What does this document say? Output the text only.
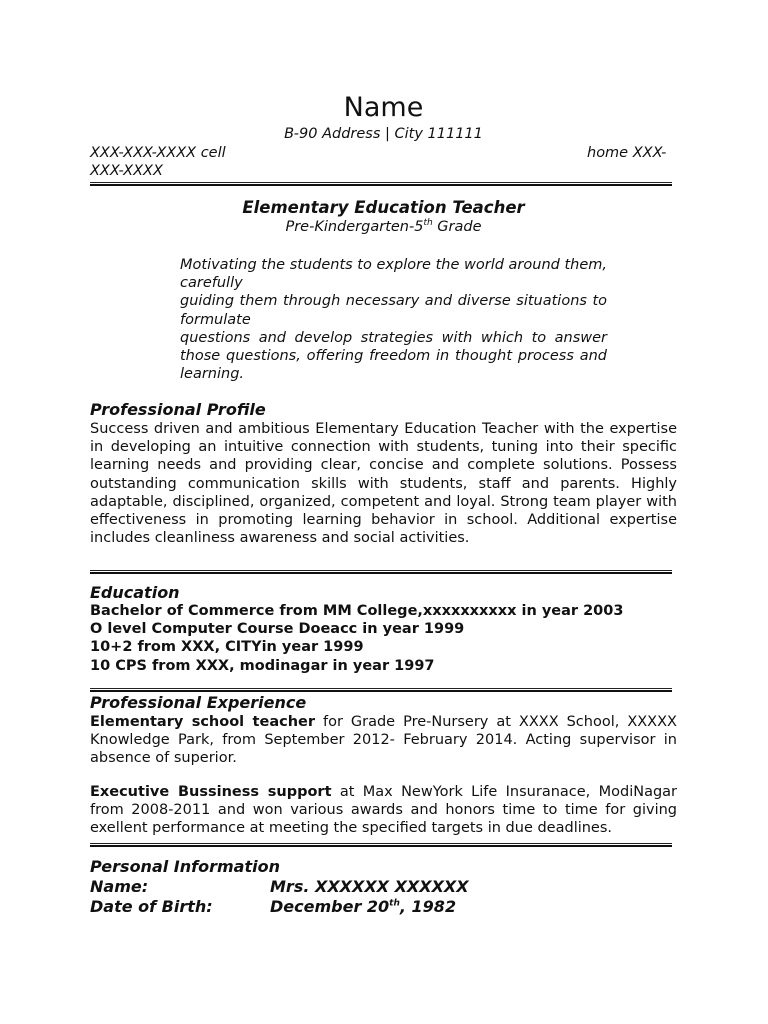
Name
B-90 Address | City 111111
XXX-XXX-XXXX cell	home XXX-
XXX-XXXX
Elementary Education Teacher
Pre-Kindergarten-5th Grade

Motivating the students to explore the world around them, carefully

guiding them through necessary and diverse situations to formulate

questions and develop strategies with which to answer those questions, offering freedom in thought process and learning.

Professional Profile
Success driven and ambitious Elementary Education Teacher with the expertise in developing an intuitive connection with students, tuning into their specific learning needs and providing clear, concise and complete solutions. Possess outstanding communication skills with students, staff and parents. Highly adaptable, disciplined, organized, competent and loyal. Strong team player with effectiveness in promoting learning behavior in school. Additional expertise includes cleanliness awareness and social activities.
Education
Bachelor of Commerce from MM College,xxxxxxxxxx in year 2003
O level Computer Course Doeacc in year 1999
10+2 from XXX, CITYin year 1999
10 CPS from XXX, modinagar in year 1997
Professional Experience
Elementary school teacher for Grade Pre-Nursery at XXXX School, XXXXX Knowledge Park, from September 2012- February 2014. Acting supervisor in absence of superior.
Executive Bussiness support at Max NewYork Life Insuranace, ModiNagar from 2008-2011 and won various awards and honors time to time for giving exellent performance at meeting the specified targets in due deadlines.
Personal Information
Name:	Mrs. XXXXXX XXXXXX
Date of Birth:	December 20th, 1982
